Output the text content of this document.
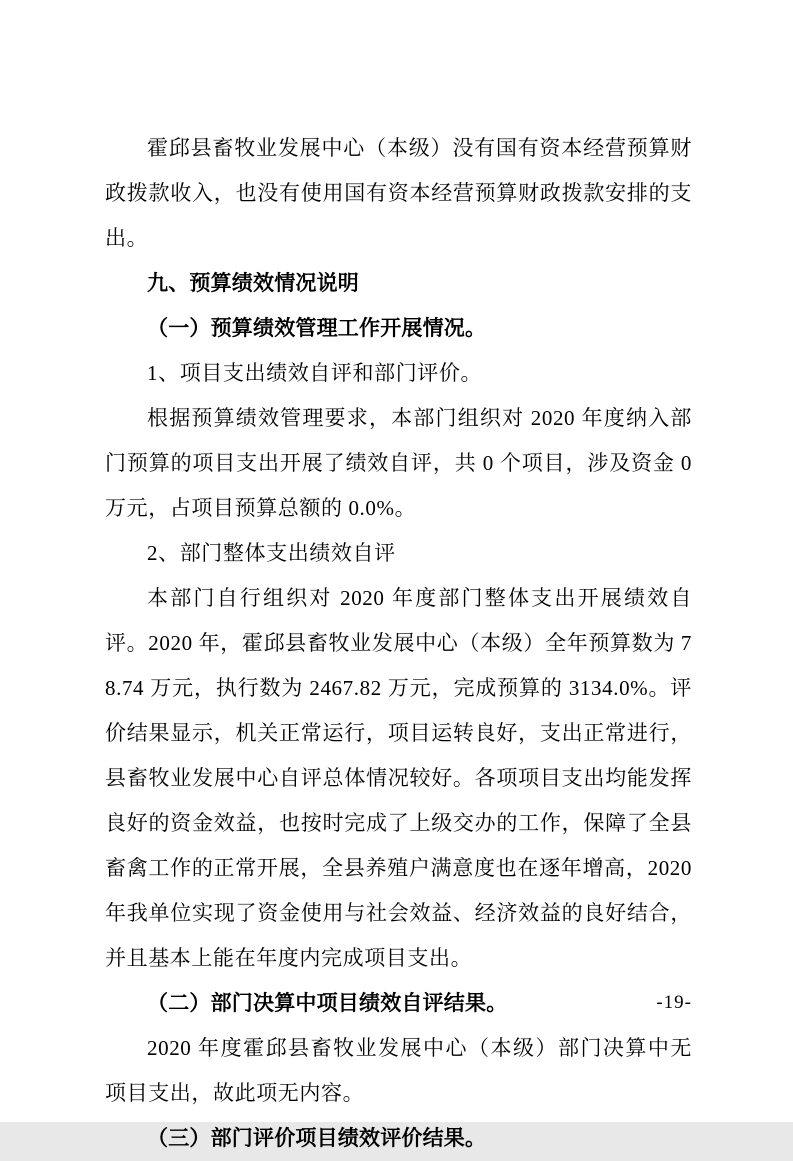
霍邱县畜牧业发展中心（本级）没有国有资本经营预算财政拨款收入，也没有使用国有资本经营预算财政拨款安排的支出。

九、预算绩效情况说明

（一）预算绩效管理工作开展情况。

1、项目支出绩效自评和部门评价。

根据预算绩效管理要求，本部门组织对 2020 年度纳入部门预算的项目支出开展了绩效自评，共 0 个项目，涉及资金 0 万元，占项目预算总额的 0.0%。

2、部门整体支出绩效自评

本部门自行组织对 2020 年度部门整体支出开展绩效自评。2020 年，霍邱县畜牧业发展中心（本级）全年预算数为 78.74 万元，执行数为 2467.82 万元，完成预算的 3134.0%。评价结果显示，机关正常运行，项目运转良好，支出正常进行，县畜牧业发展中心自评总体情况较好。各项项目支出均能发挥良好的资金效益，也按时完成了上级交办的工作，保障了全县畜禽工作的正常开展，全县养殖户满意度也在逐年增高，2020 年我单位实现了资金使用与社会效益、经济效益的良好结合，并且基本上能在年度内完成项目支出。

（二）部门决算中项目绩效自评结果。

2020 年度霍邱县畜牧业发展中心（本级）部门决算中无项目支出，故此项无内容。

（三）部门评价项目绩效评价结果。

-19-
